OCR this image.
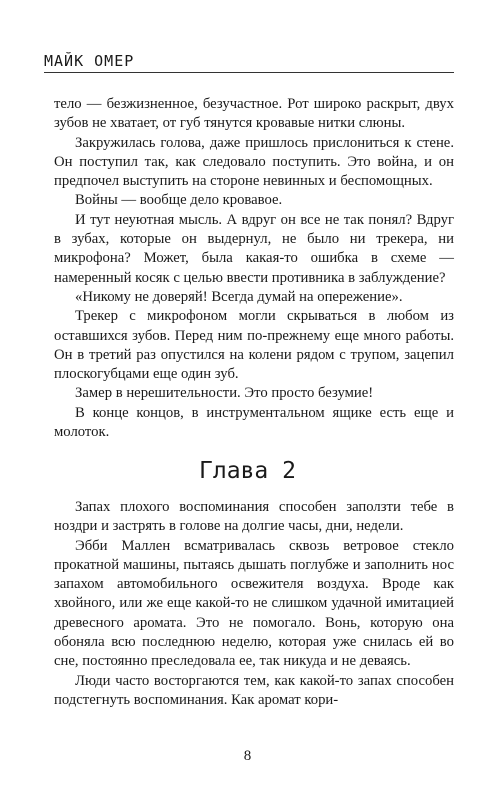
МАЙК ОМЕР

тело — безжизненное, безучастное. Рот широко раскрыт, двух зубов не хватает, от губ тянутся кровавые нитки слюны.

Закружилась голова, даже пришлось прислониться к стене. Он поступил так, как следовало поступить. Это война, и он предпочел выступить на стороне невинных и беспомощных.

Войны — вообще дело кровавое.

И тут неуютная мысль. А вдруг он все не так понял? Вдруг в зубах, которые он выдернул, не было ни трекера, ни микрофона? Может, была какая-то ошибка в схеме — намеренный косяк с целью ввести противника в заблуждение?

«Никому не доверяй! Всегда думай на опережение».

Трекер с микрофоном могли скрываться в любом из оставшихся зубов. Перед ним по-прежнему еще много работы. Он в третий раз опустился на колени рядом с трупом, зацепил плоскогубцами еще один зуб.

Замер в нерешительности. Это просто безумие!

В конце концов, в инструментальном ящике есть еще и молоток.

Глава 2

Запах плохого воспоминания способен заползти тебе в ноздри и застрять в голове на долгие часы, дни, недели.

Эбби Маллен всматривалась сквозь ветровое стекло прокатной машины, пытаясь дышать поглубже и заполнить нос запахом автомобильного освежителя воздуха. Вроде как хвойного, или же еще какой-то не слишком удачной имитацией древесного аромата. Это не помогало. Вонь, которую она обоняла всю последнюю неделю, которая уже снилась ей во сне, постоянно преследовала ее, так никуда и не деваясь.

Люди часто восторгаются тем, как какой-то запах способен подстегнуть воспоминания. Как аромат кори-

8
